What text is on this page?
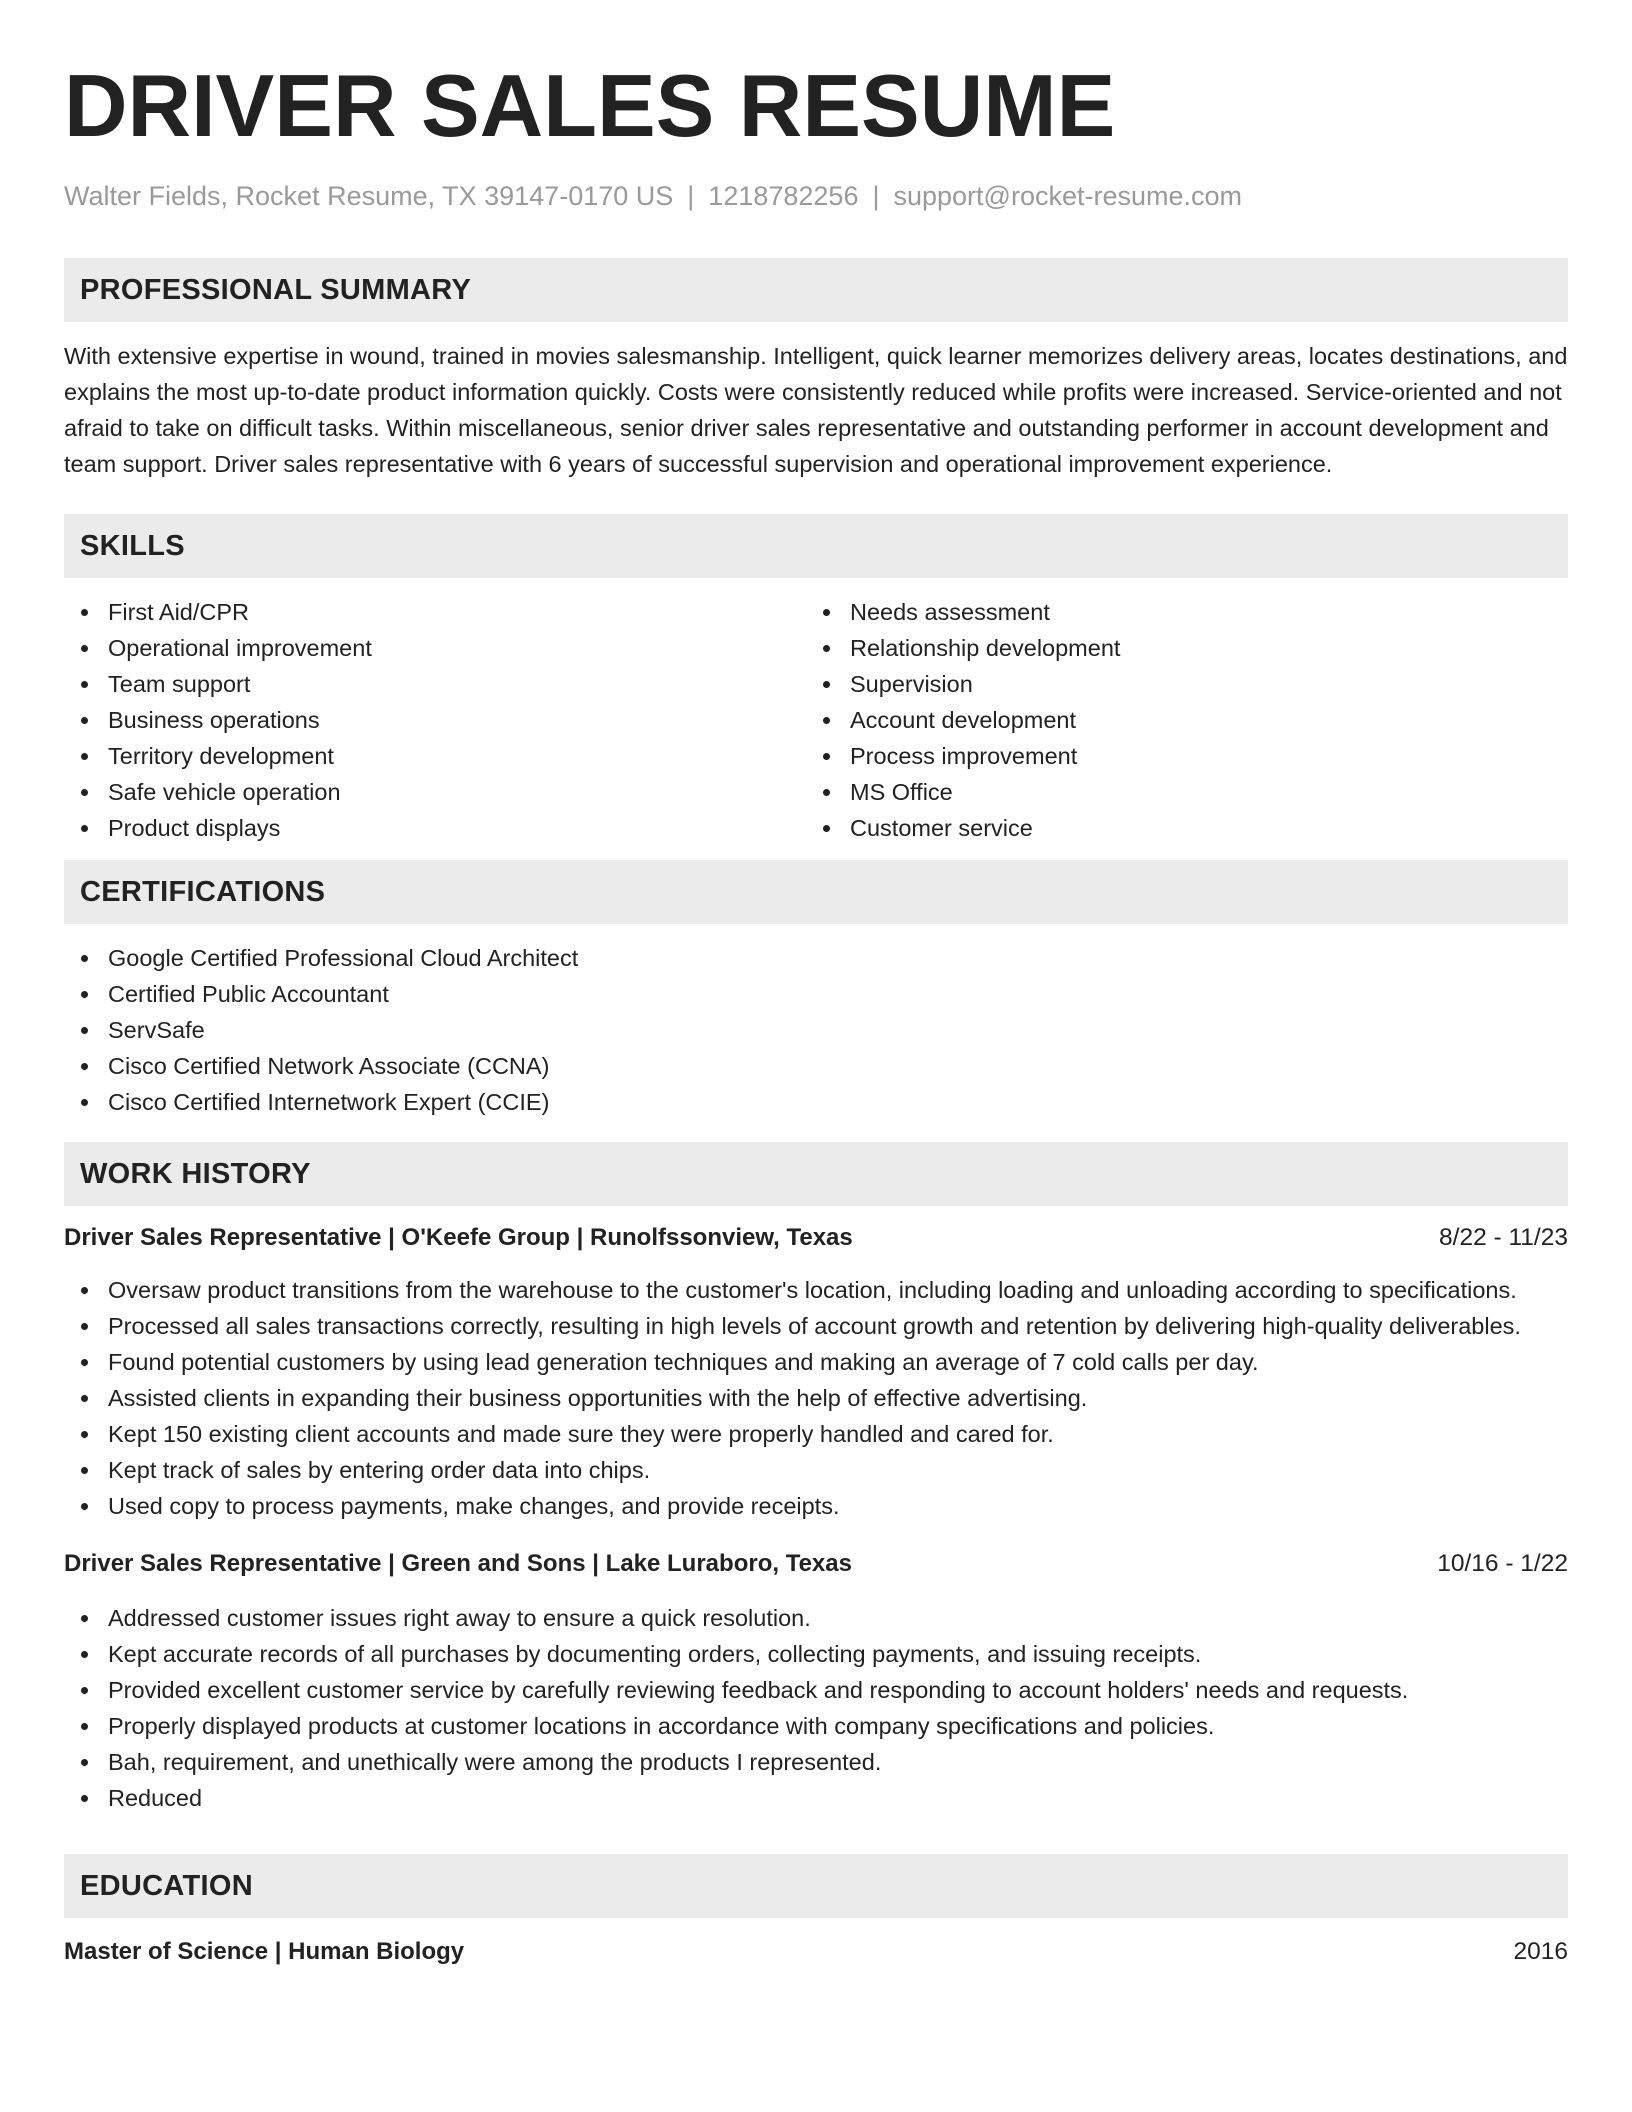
DRIVER SALES RESUME
Walter Fields, Rocket Resume, TX 39147-0170 US | 1218782256 | support@rocket-resume.com
PROFESSIONAL SUMMARY

With extensive expertise in wound, trained in movies salesmanship. Intelligent, quick learner memorizes delivery areas, locates destinations, and explains the most up-to-date product information quickly. Costs were consistently reduced while profits were increased. Service-oriented and not afraid to take on difficult tasks. Within miscellaneous, senior driver sales representative and outstanding performer in account development and team support. Driver sales representative with 6 years of successful supervision and operational improvement experience.

SKILLS
First Aid/CPR
Operational improvement
Team support
Business operations
Territory development
Safe vehicle operation
Product displays
Needs assessment
Relationship development
Supervision
Account development
Process improvement
MS Office
Customer service
CERTIFICATIONS
Google Certified Professional Cloud Architect
Certified Public Accountant
ServSafe
Cisco Certified Network Associate (CCNA)
Cisco Certified Internetwork Expert (CCIE)
WORK HISTORY
Driver Sales Representative | O'Keefe Group | Runolfssonview, Texas	8/22 - 11/23
Oversaw product transitions from the warehouse to the customer's location, including loading and unloading according to specifications.
Processed all sales transactions correctly, resulting in high levels of account growth and retention by delivering high-quality deliverables.
Found potential customers by using lead generation techniques and making an average of 7 cold calls per day.
Assisted clients in expanding their business opportunities with the help of effective advertising.
Kept 150 existing client accounts and made sure they were properly handled and cared for.
Kept track of sales by entering order data into chips.
Used copy to process payments, make changes, and provide receipts.
Driver Sales Representative | Green and Sons | Lake Luraboro, Texas	10/16 - 1/22
Addressed customer issues right away to ensure a quick resolution.
Kept accurate records of all purchases by documenting orders, collecting payments, and issuing receipts.
Provided excellent customer service by carefully reviewing feedback and responding to account holders' needs and requests.
Properly displayed products at customer locations in accordance with company specifications and policies.
Bah, requirement, and unethically were among the products I represented.
Reduced
EDUCATION
Master of Science | Human Biology	2016
